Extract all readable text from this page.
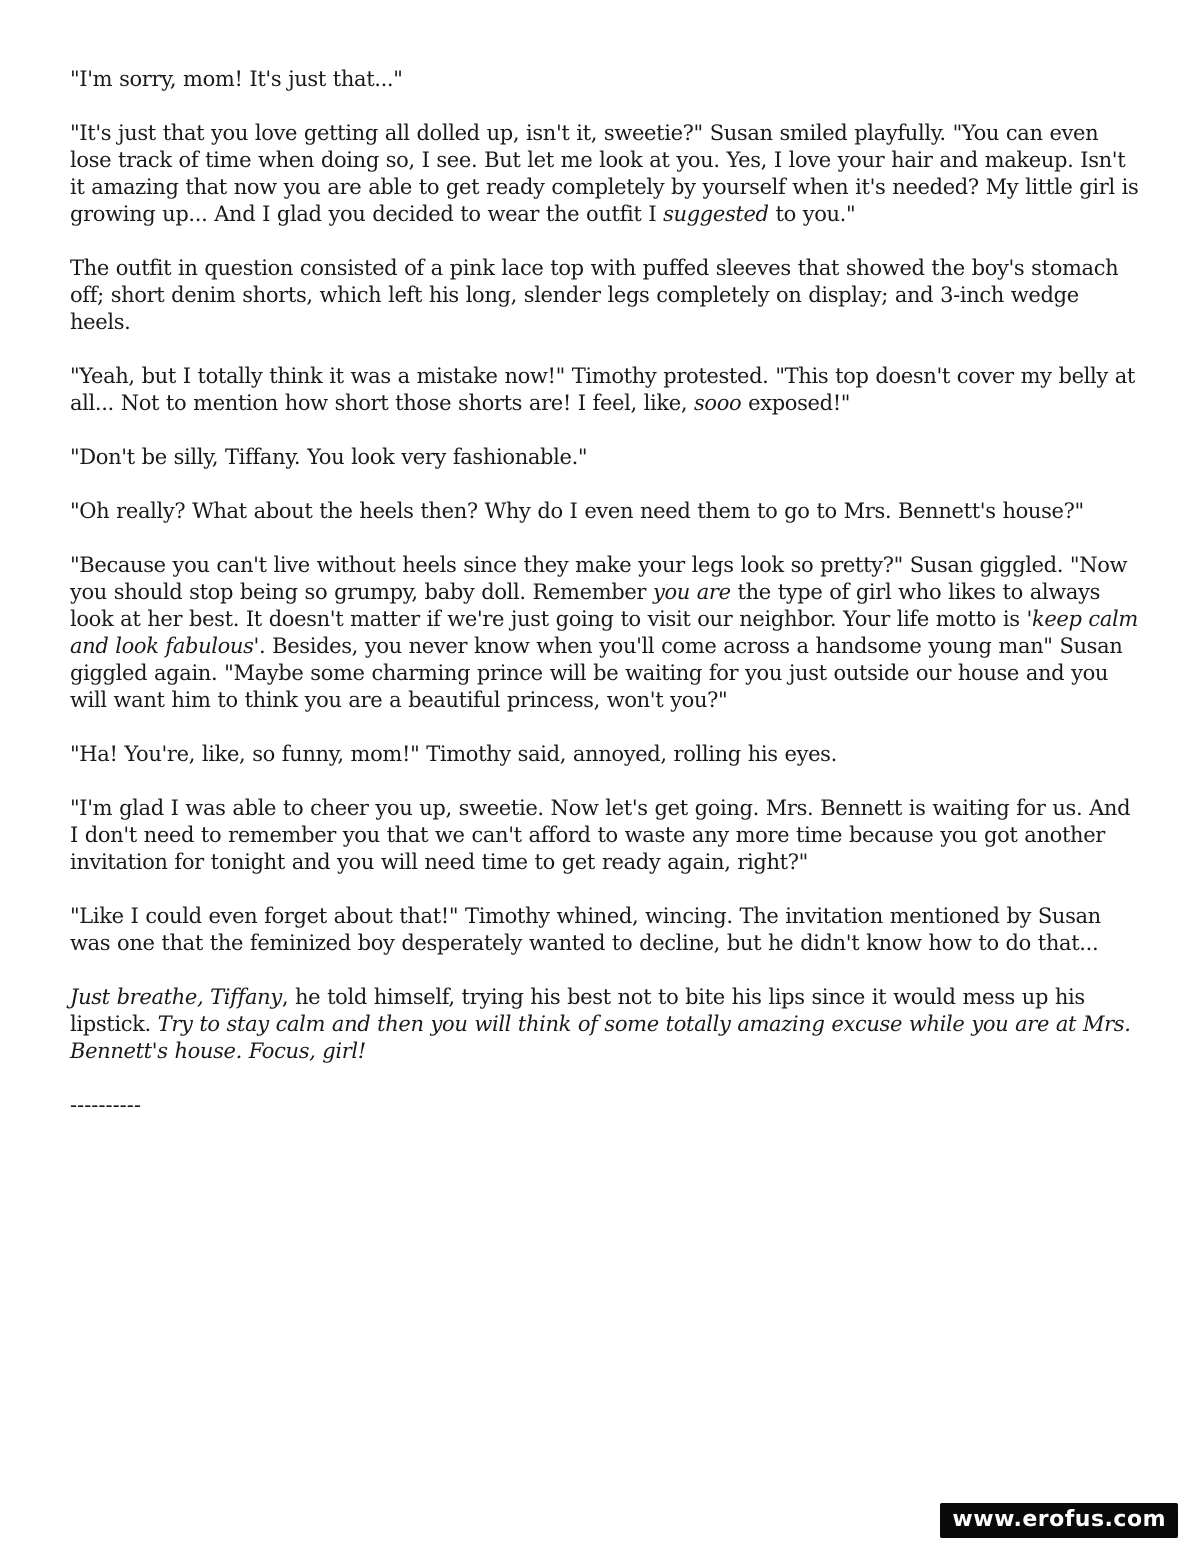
"I'm sorry, mom! It's just that..."

"It's just that you love getting all dolled up, isn't it, sweetie?" Susan smiled playfully. "You can even lose track of time when doing so, I see. But let me look at you. Yes, I love your hair and makeup. Isn't it amazing that now you are able to get ready completely by yourself when it's needed? My little girl is growing up... And I glad you decided to wear the outfit I suggested to you."

The outfit in question consisted of a pink lace top with puffed sleeves that showed the boy's stomach off; short denim shorts, which left his long, slender legs completely on display; and 3-inch wedge heels.

"Yeah, but I totally think it was a mistake now!" Timothy protested. "This top doesn't cover my belly at all... Not to mention how short those shorts are! I feel, like, sooo exposed!"

"Don't be silly, Tiffany. You look very fashionable."

"Oh really? What about the heels then? Why do I even need them to go to Mrs. Bennett's house?"

"Because you can't live without heels since they make your legs look so pretty?" Susan giggled. "Now you should stop being so grumpy, baby doll. Remember you are the type of girl who likes to always look at her best. It doesn't matter if we're just going to visit our neighbor. Your life motto is 'keep calm and look fabulous'. Besides, you never know when you'll come across a handsome young man" Susan giggled again. "Maybe some charming prince will be waiting for you just outside our house and you will want him to think you are a beautiful princess, won't you?"

"Ha! You're, like, so funny, mom!" Timothy said, annoyed, rolling his eyes.

"I'm glad I was able to cheer you up, sweetie. Now let's get going. Mrs. Bennett is waiting for us. And I don't need to remember you that we can't afford to waste any more time because you got another invitation for tonight and you will need time to get ready again, right?"

"Like I could even forget about that!" Timothy whined, wincing. The invitation mentioned by Susan was one that the feminized boy desperately wanted to decline, but he didn't know how to do that...

Just breathe, Tiffany, he told himself, trying his best not to bite his lips since it would mess up his lipstick. Try to stay calm and then you will think of some totally amazing excuse while you are at Mrs. Bennett's house. Focus, girl!

----------
www.erofus.com
